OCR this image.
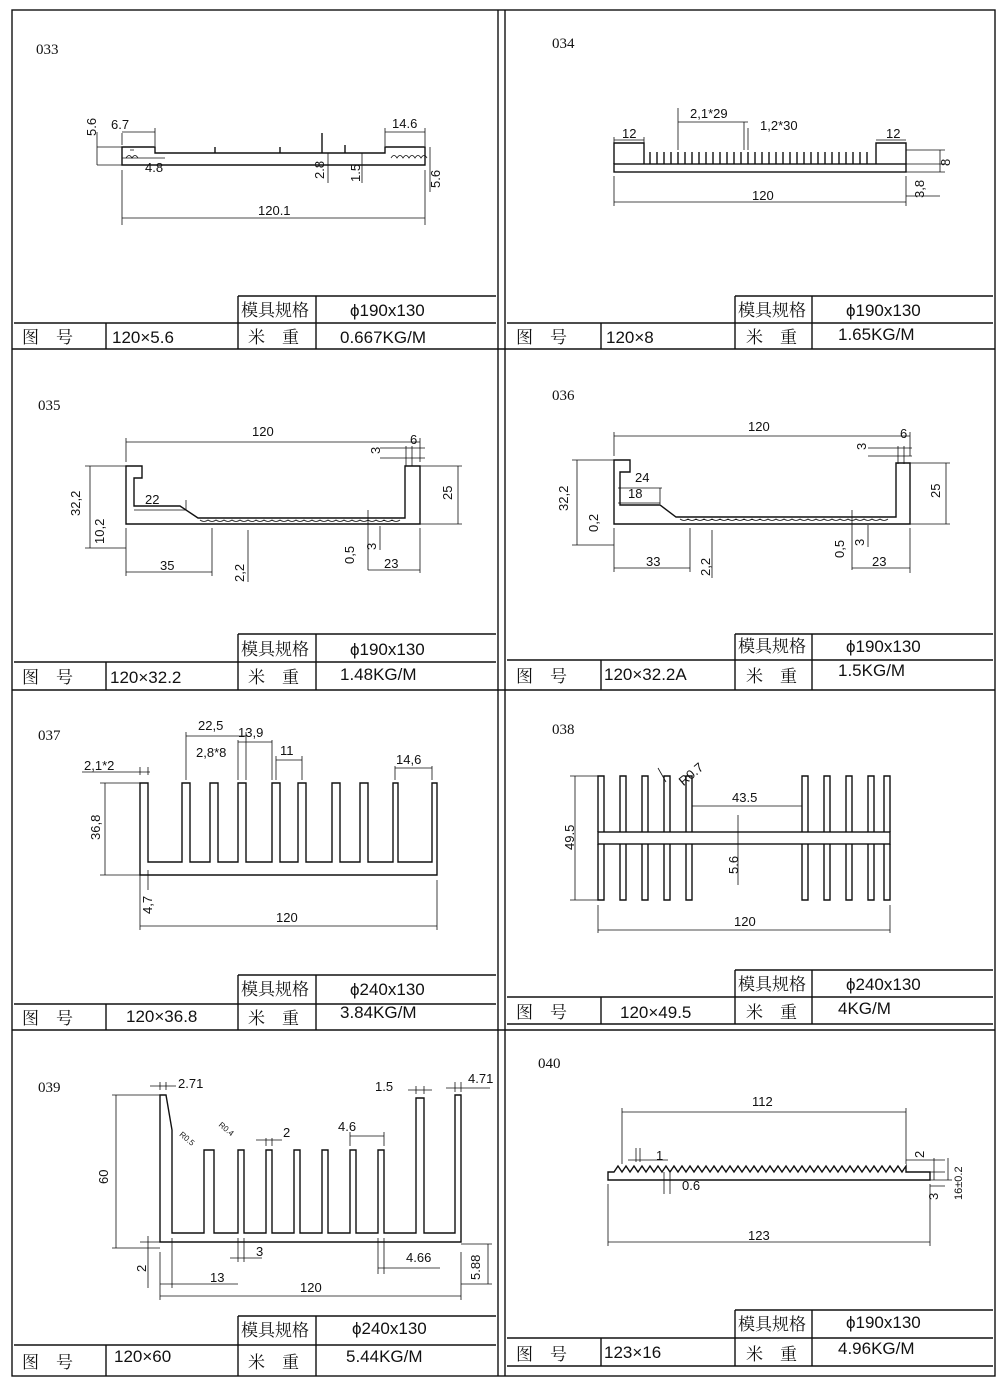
033
5.6 6.7	14.6
4.8	2.8 1.5	5.6
120.1
模具规格 ϕ190x130
图　号 120×5.6	米　重 0.667KG/M
034
2,1*29
1,2*30
12	12
8
120	3,8
模具规格 ϕ190x130
图　号 120×8	米　重 1.65KG/M
035
120
3
6
32,2	22	25
10,2
0,5 3
35	2,2
23
模具规格 ϕ190x130
图　号 120×32.2	米　重 1.48KG/M
036
120
3
6
24
18
32,2	25
0,2
0,5 3
33	2,2	23
模具规格 ϕ190x130
图　号 120×32.2A	米　重 1.5KG/M
037
22,5 13,9
2,8*8	11
2,1*2	14,6
36,8
4,7
120
模具规格 ϕ240x130
图　号	120×36.8	米　重 3.84KG/M
038
R0.7
43.5
49.5
5.6
120
模具规格 ϕ240x130
图　号	120×49.5	米　重 4KG/M
039	2.71	1.5
4.71
R0.5
R0.4	2	4.6
60
3	4.66
2
13
120
5.88
模具规格	ϕ240x130
图　号 120×60	米　重	5.44KG/M
040
112
1
0.6
2
3 16±0.2
123
模具规格 ϕ190x130
图　号 123×16	米　重 4.96KG/M
